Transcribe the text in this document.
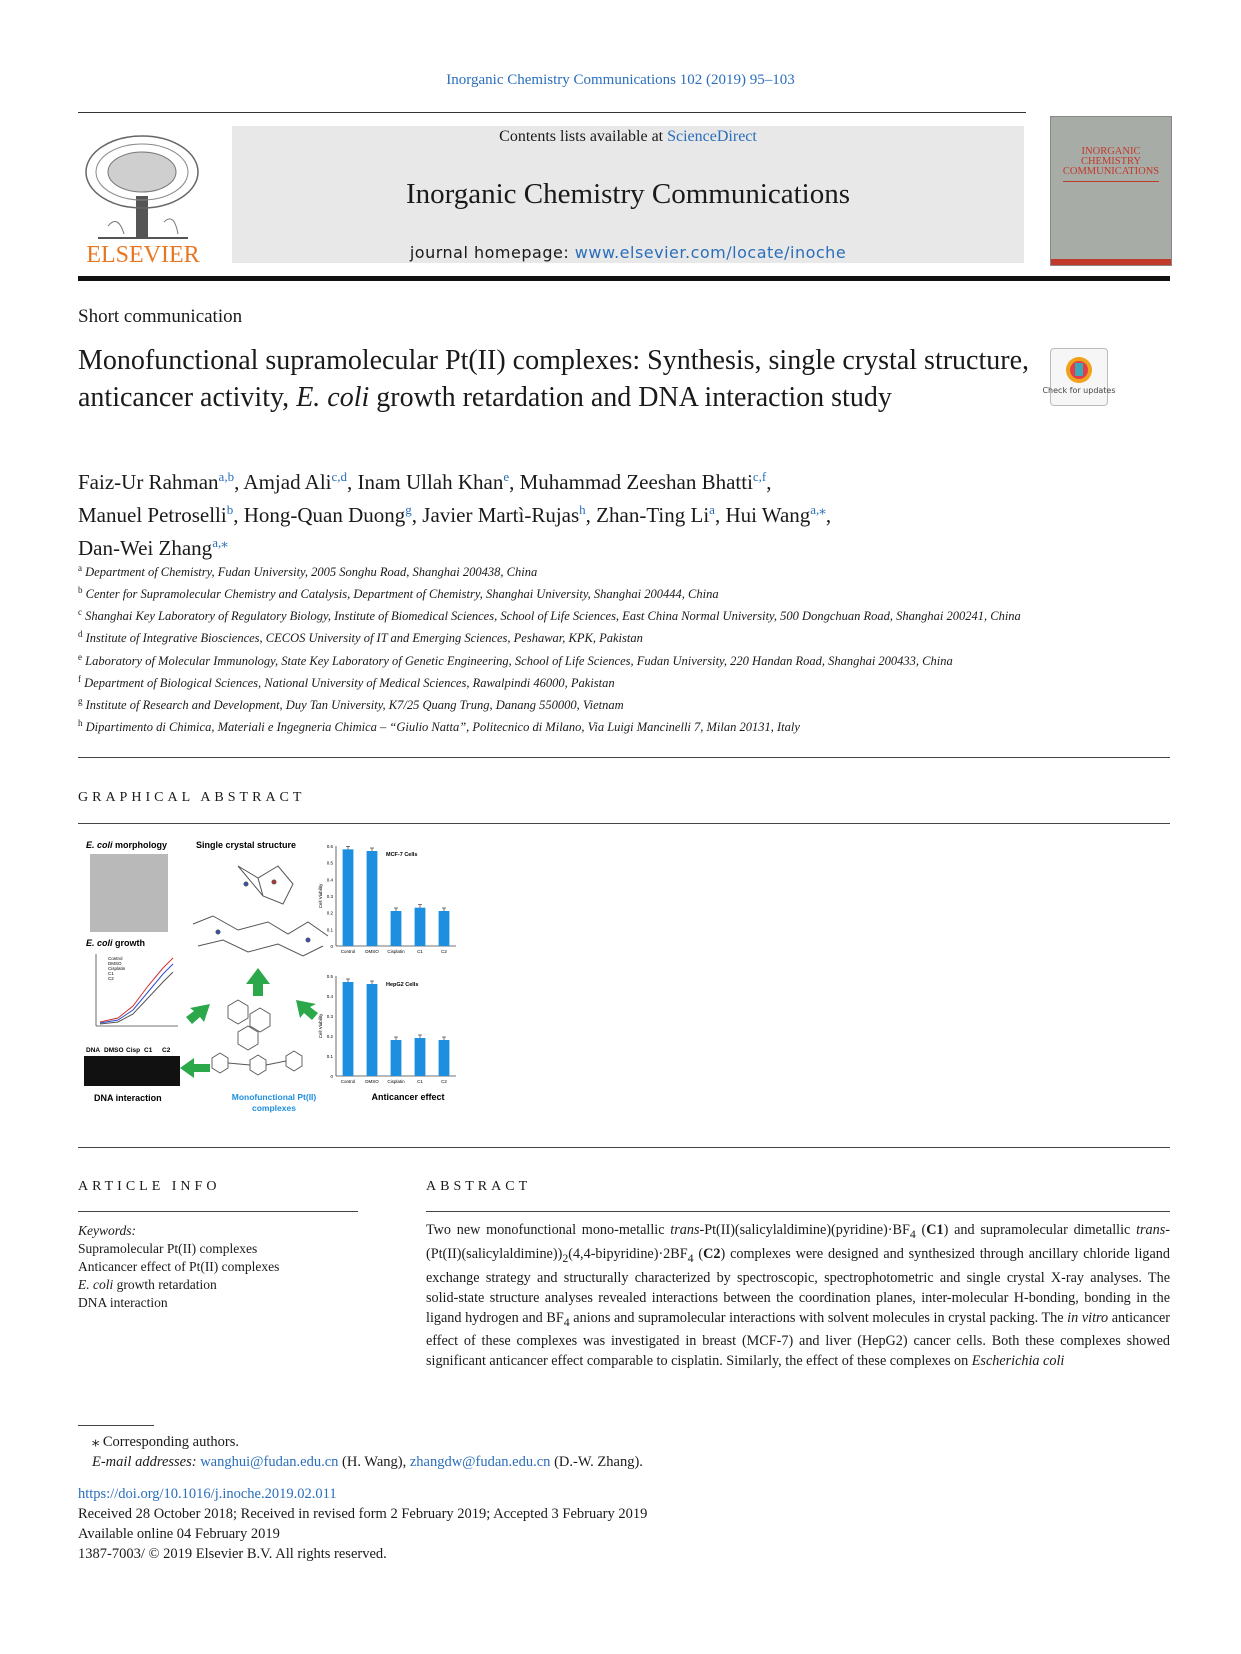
Inorganic Chemistry Communications 102 (2019) 95–103
ELSEVIER
Contents lists available at ScienceDirect
Inorganic Chemistry Communications
journal homepage: www.elsevier.com/locate/inoche
INORGANIC
CHEMISTRY
COMMUNICATIONS
Short communication
Monofunctional supramolecular Pt(II) complexes: Synthesis, single crystal structure, anticancer activity, E. coli growth retardation and DNA interaction study	Check for updates
Faiz-Ur Rahman$^{a,b}$, Amjad Ali$^{c,d}$, Inam Ullah Khan$^e$, Muhammad Zeeshan Bhatti$^{c,f}$,
Manuel Petroselli$^b$, Hong-Quan Duong$^g$, Javier Martì-Rujas$^h$, Zhan-Ting Li$^a$, Hui Wang$^{a,⁎}$,
Dan-Wei Zhang$^{a,⁎}$
$^a$ Department of Chemistry, Fudan University, 2005 Songhu Road, Shanghai 200438, China
$^b$ Center for Supramolecular Chemistry and Catalysis, Department of Chemistry, Shanghai University, Shanghai 200444, China
$^c$ Shanghai Key Laboratory of Regulatory Biology, Institute of Biomedical Sciences, School of Life Sciences, East China Normal University, 500 Dongchuan Road, Shanghai 200241, China
$^d$ Institute of Integrative Biosciences, CECOS University of IT and Emerging Sciences, Peshawar, KPK, Pakistan
$^e$ Laboratory of Molecular Immunology, State Key Laboratory of Genetic Engineering, School of Life Sciences, Fudan University, 220 Handan Road, Shanghai 200433, China
$^f$ Department of Biological Sciences, National University of Medical Sciences, Rawalpindi 46000, Pakistan
$^g$ Institute of Research and Development, Duy Tan University, K7/25 Quang Trung, Danang 550000, Vietnam
$^h$ Dipartimento di Chimica, Materiali e Ingegneria Chimica – “Giulio Natta”, Politecnico di Milano, Via Luigi Mancinelli 7, Milan 20131, Italy
GRAPHICAL ABSTRACT
E. coli morphology	Single crystal structure
E. coli growth
Control
DMSO
Cisplatin
C1
C2
DNA DMSO Cisp C1 C2
DNA interaction	Monofunctional Pt(II)
complexes
0
0.1
0.2
0.3
0.4
0.5
0.6
Cell Viability
MCF-7 Cells
Control DMSO Cisplatin	C1	C2
0
0.1
0.2
0.3
0.4
0.5
Cell Viability
HepG2 Cells
Control DMSO Cisplatin	C1	C2
Anticancer effect
ARTICLE INFO	ABSTRACT
Keywords:
Supramolecular Pt(II) complexes
Anticancer effect of Pt(II) complexes
E. coli growth retardation
DNA interaction
Two new monofunctional mono-metallic trans-$Pt(II)(salicylaldimine)(pyridine)\cdot BF_4$ (C1) and supramolecular dimetallic trans-$(Pt(II)(salicylaldimine))_2(4,4-bipyridine)\cdot 2BF_4$ (C2) complexes were designed and synthesized through ancillary chloride ligand exchange strategy and structurally characterized by spectroscopic, spectrophotometric and single crystal X-ray analyses. The solid-state structure analyses revealed interactions between the coordination planes, inter-molecular H-bonding, bonding in the ligand hydrogen and $BF_4$ anions and supramolecular interactions with solvent molecules in crystal packing. The in vitro anticancer effect of these complexes was investigated in breast (MCF-7) and liver (HepG2) cancer cells. Both these complexes showed significant anticancer effect comparable to cisplatin. Similarly, the effect of these complexes on Escherichia coli
⁎ Corresponding authors.
E-mail addresses: wanghui@fudan.edu.cn (H. Wang), zhangdw@fudan.edu.cn (D.-W. Zhang).
https://doi.org/10.1016/j.inoche.2019.02.011
Received 28 October 2018; Received in revised form 2 February 2019; Accepted 3 February 2019
Available online 04 February 2019
1387-7003/ © 2019 Elsevier B.V. All rights reserved.
